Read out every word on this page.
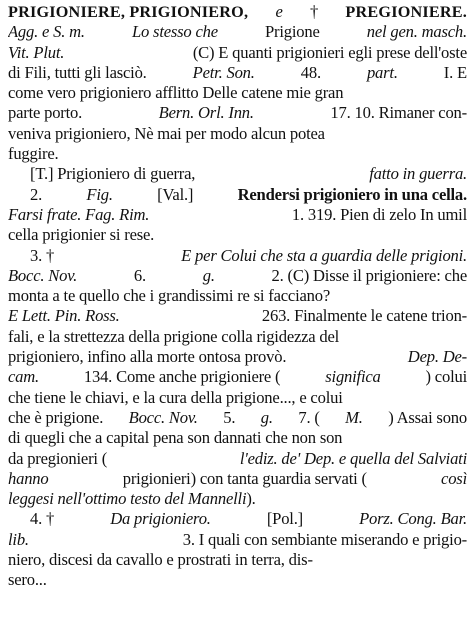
PRIGIONIERE, PRIGIONIERO, e † PREGIONIERE.
Agg. e S. m.	Lo stesso che	Prigione	nel gen. masch.
Vit. Plut.	(C) E quanti prigionieri egli prese dell'oste
di Fili, tutti gli lasciò.	Petr. Son.	48.	part.	I. E
come vero prigioniero afflitto Delle catene mie gran
parte porto.	Bern. Orl. Inn.	17. 10. Rimaner con-
veniva prigioniero, Nè mai per modo alcun potea
fuggire.
[T.] Prigioniero di guerra,	fatto in guerra.
2.	Fig.	[Val.]	Rendersi prigioniero in una cella.
Farsi frate. Fag. Rim.	1. 319. Pien di zelo In umil
cella prigionier si rese.
3. †	E per Colui che sta a guardia delle prigioni.
Bocc. Nov.	6.	g.	2. (C) Disse il prigioniere: che
monta a te quello che i grandissimi re si facciano?
E Lett. Pin. Ross.	263. Finalmente le catene trion-
fali, e la strettezza della prigione colla rigidezza del
prigioniero, infino alla morte ontosa provò.	Dep. De-
cam.	134. Come anche prigioniere (	significa	) colui
che tiene le chiavi, e la cura della prigione..., e colui
che è prigione. Bocc. Nov. 5. g. 7. ( M. ) Assai sono
di quegli che a capital pena son dannati che non son
da pregionieri (	l'ediz. de' Dep. e quella del Salviati
hanno	prigionieri) con tanta guardia servati (	così
leggesi nell'ottimo testo del Mannelli ).
4. †	Da prigioniero.	[Pol.]	Porz. Cong. Bar.
lib.	3. I quali con sembiante miserando e prigio-
niero, discesi da cavallo e prostrati in terra, dis-
sero...
